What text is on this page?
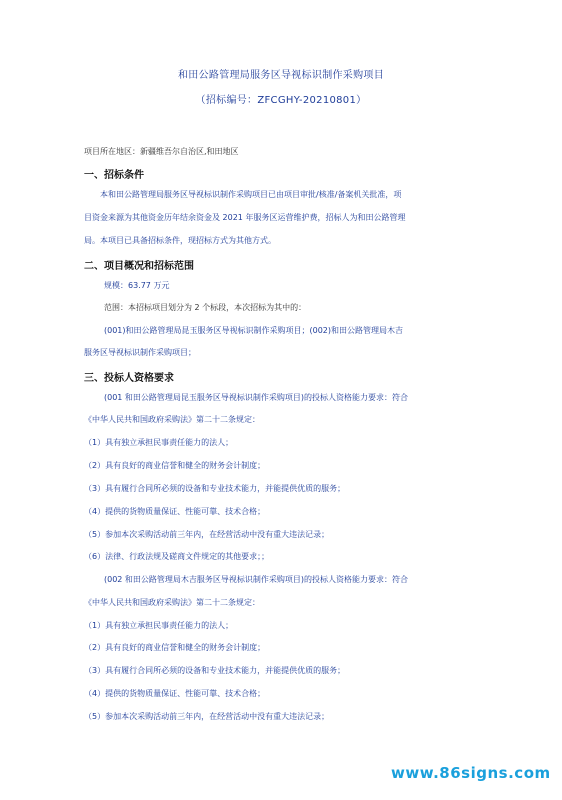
和田公路管理局服务区导视标识制作采购项目
（招标编号：ZFCGHY-20210801）
项目所在地区：新疆维吾尔自治区,和田地区
一、招标条件
本和田公路管理局服务区导视标识制作采购项目已由项目审批/核准/备案机关批准，项
目资金来源为其他资金历年结余资金及 2021 年服务区运营维护费，招标人为和田公路管理
局。本项目已具备招标条件，现招标方式为其他方式。
二、项目概况和招标范围
规模：63.77 万元
范围：本招标项目划分为 2 个标段，本次招标为其中的：
(001)和田公路管理局昆玉服务区导视标识制作采购项目；(002)和田公路管理局木吉
服务区导视标识制作采购项目；
三、投标人资格要求
(001 和田公路管理局昆玉服务区导视标识制作采购项目)的投标人资格能力要求：符合
《中华人民共和国政府采购法》第二十二条规定：
（1）具有独立承担民事责任能力的法人；
（2）具有良好的商业信誉和健全的财务会计制度；
（3）具有履行合同所必须的设备和专业技术能力，并能提供优质的服务；
（4）提供的货物质量保证、性能可靠、技术合格；
（5）参加本次采购活动前三年内，在经营活动中没有重大违法记录；
（6）法律、行政法规及磋商文件规定的其他要求；；
(002 和田公路管理局木吉服务区导视标识制作采购项目)的投标人资格能力要求：符合
《中华人民共和国政府采购法》第二十二条规定：
（1）具有独立承担民事责任能力的法人；
（2）具有良好的商业信誉和健全的财务会计制度；
（3）具有履行合同所必须的设备和专业技术能力，并能提供优质的服务；
（4）提供的货物质量保证、性能可靠、技术合格；
（5）参加本次采购活动前三年内，在经营活动中没有重大违法记录；
www.86signs.com
